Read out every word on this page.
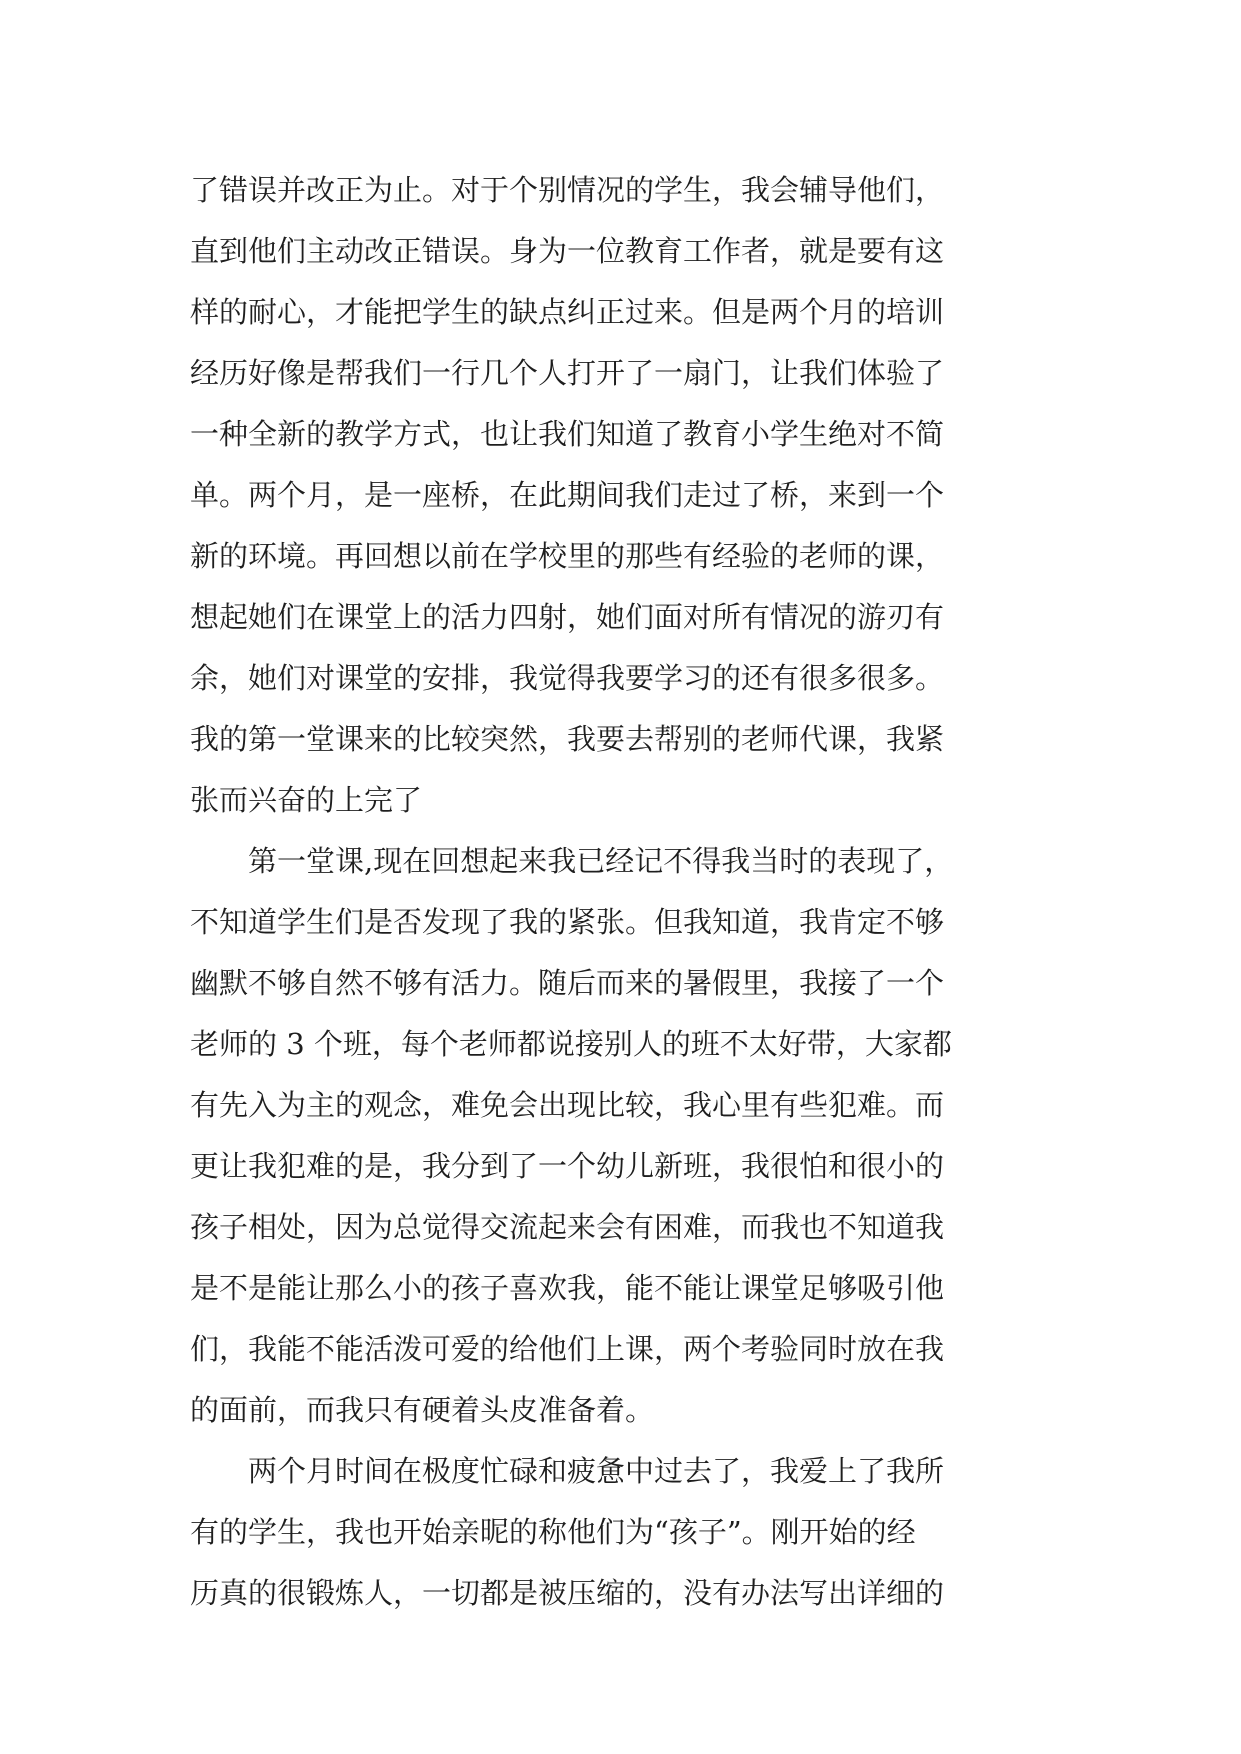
了错误并改正为止。对于个别情况的学生，我会辅导他们，
直到他们主动改正错误。身为一位教育工作者，就是要有这
样的耐心，才能把学生的缺点纠正过来。但是两个月的培训
经历好像是帮我们一行几个人打开了一扇门，让我们体验了
一种全新的教学方式，也让我们知道了教育小学生绝对不简
单。两个月，是一座桥，在此期间我们走过了桥，来到一个
新的环境。再回想以前在学校里的那些有经验的老师的课，
想起她们在课堂上的活力四射，她们面对所有情况的游刃有
余，她们对课堂的安排，我觉得我要学习的还有很多很多。
我的第一堂课来的比较突然，我要去帮别的老师代课，我紧
张而兴奋的上完了
第一堂课,现在回想起来我已经记不得我当时的表现了，
不知道学生们是否发现了我的紧张。但我知道，我肯定不够
幽默不够自然不够有活力。随后而来的暑假里，我接了一个
老师的 3 个班，每个老师都说接别人的班不太好带，大家都
有先入为主的观念，难免会出现比较，我心里有些犯难。而
更让我犯难的是，我分到了一个幼儿新班，我很怕和很小的
孩子相处，因为总觉得交流起来会有困难，而我也不知道我
是不是能让那么小的孩子喜欢我，能不能让课堂足够吸引他
们，我能不能活泼可爱的给他们上课，两个考验同时放在我
的面前，而我只有硬着头皮准备着。
两个月时间在极度忙碌和疲惫中过去了，我爱上了我所
有的学生，我也开始亲昵的称他们为“孩子”。刚开始的经
历真的很锻炼人，一切都是被压缩的，没有办法写出详细的
